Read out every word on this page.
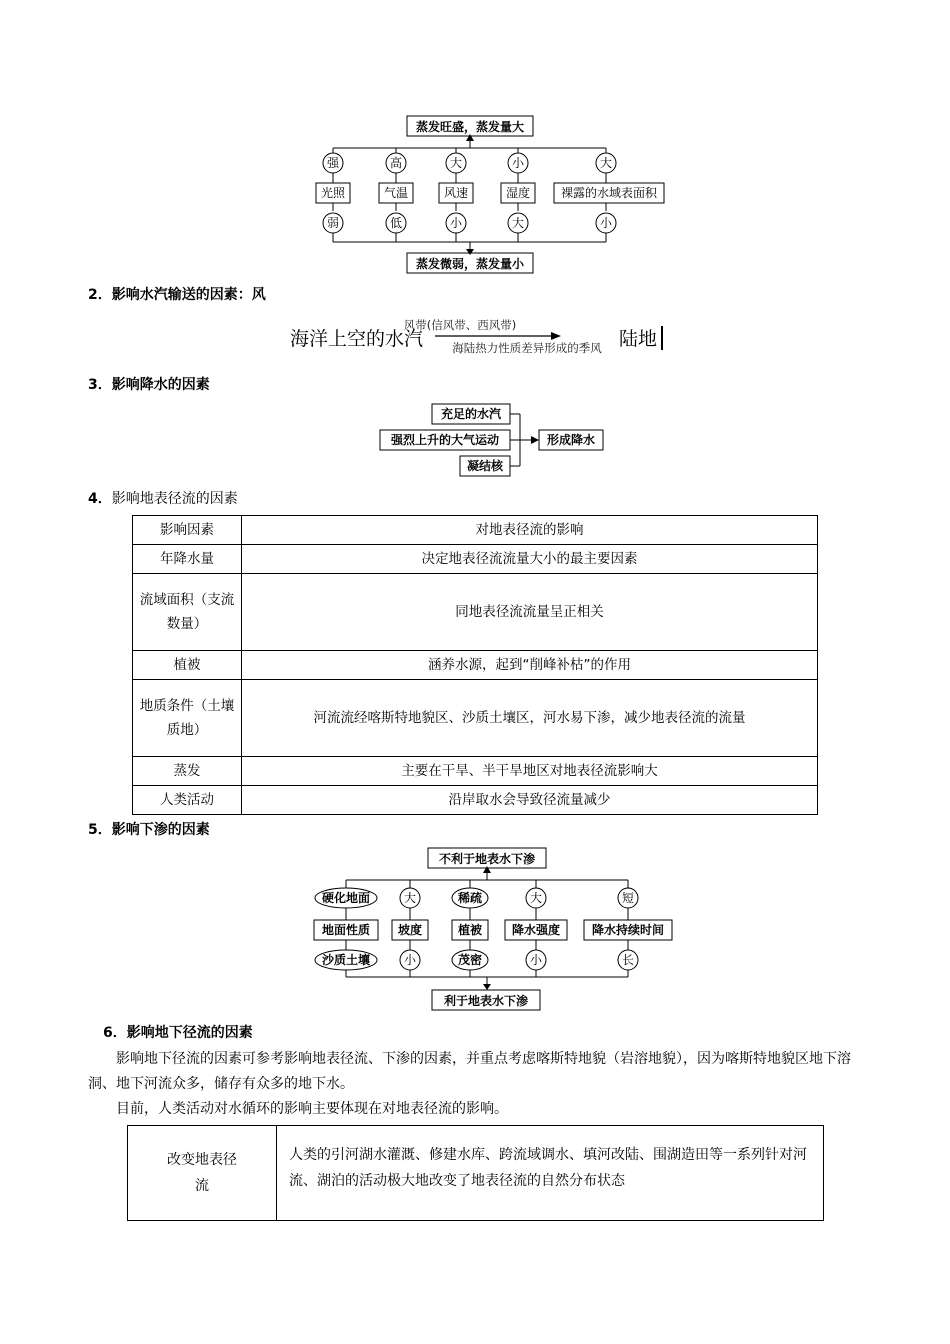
蒸发旺盛，蒸发量大
蒸发微弱，蒸发量小
强	高	大	小	大
弱	低	小	大	小
光照	气温	风速	湿度	裸露的水域表面积
2．影响水汽输送的因素：风
海洋上空的水汽	陆地
风带(信风带、西风带)
海陆热力性质差异形成的季风
3．影响降水的因素
充足的水汽
强烈上升的大气运动
凝结核
形成降水
4．影响地表径流的因素
影响因素	对地表径流的影响
年降水量	决定地表径流流量大小的最主要因素
流域面积（支流数量）	同地表径流流量呈正相关
植被	涵养水源，起到“削峰补枯”的作用
地质条件（土壤质地）	河流流经喀斯特地貌区、沙质土壤区，河水易下渗，减少地表径流的流量
蒸发	主要在干旱、半干旱地区对地表径流影响大
人类活动	沿岸取水会导致径流量减少
5．影响下渗的因素
不利于地表水下渗
利于地表水下渗
硬化地面	稀疏
沙质土壤	茂密
地面性质 坡度	植被 降水强度	降水持续时间
大	大	短
小	小	长
6．影响地下径流的因素
影响地下径流的因素可参考影响地表径流、下渗的因素，并重点考虑喀斯特地貌（岩溶地貌），因为喀斯特地貌区地下溶洞、地下河流众多，储存有众多的地下水。
目前，人类活动对水循环的影响主要体现在对地表径流的影响。
改变地表径流
	人类的引河湖水灌溉、修建水库、跨流域调水、填河改陆、围湖造田等一系列针对河流、湖泊的活动极大地改变了地表径流的自然分布状态
